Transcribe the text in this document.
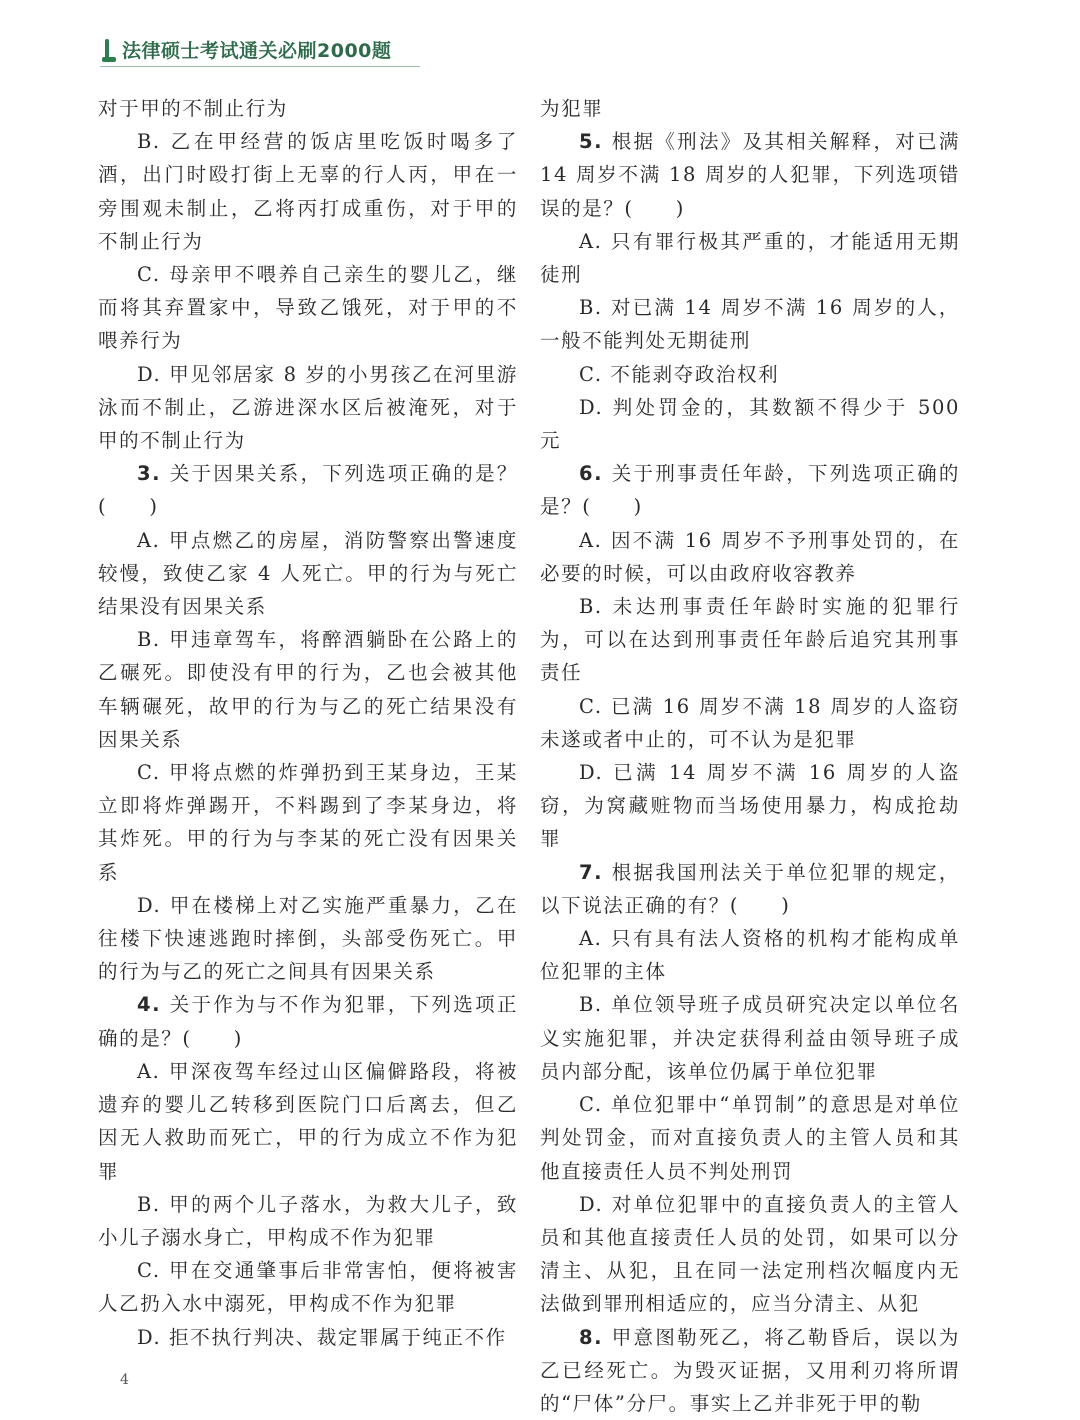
法律硕士考试通关必刷2000题

对于甲的不制止行为

B. 乙在甲经营的饭店里吃饭时喝多了酒，出门时殴打街上无辜的行人丙，甲在一旁围观未制止，乙将丙打成重伤，对于甲的不制止行为

C. 母亲甲不喂养自己亲生的婴儿乙，继而将其弃置家中，导致乙饿死，对于甲的不喂养行为

D. 甲见邻居家 8 岁的小男孩乙在河里游泳而不制止，乙游进深水区后被淹死，对于甲的不制止行为

3. 关于因果关系，下列选项正确的是？(　　)

A. 甲点燃乙的房屋，消防警察出警速度较慢，致使乙家 4 人死亡。甲的行为与死亡结果没有因果关系

B. 甲违章驾车，将醉酒躺卧在公路上的乙碾死。即使没有甲的行为，乙也会被其他车辆碾死，故甲的行为与乙的死亡结果没有因果关系

C. 甲将点燃的炸弹扔到王某身边，王某立即将炸弹踢开，不料踢到了李某身边，将其炸死。甲的行为与李某的死亡没有因果关系

D. 甲在楼梯上对乙实施严重暴力，乙在往楼下快速逃跑时摔倒，头部受伤死亡。甲的行为与乙的死亡之间具有因果关系

4. 关于作为与不作为犯罪，下列选项正确的是？(　　)

A. 甲深夜驾车经过山区偏僻路段，将被遗弃的婴儿乙转移到医院门口后离去，但乙因无人救助而死亡，甲的行为成立不作为犯罪

B. 甲的两个儿子落水，为救大儿子，致小儿子溺水身亡，甲构成不作为犯罪

C. 甲在交通肇事后非常害怕，便将被害人乙扔入水中溺死，甲构成不作为犯罪

D. 拒不执行判决、裁定罪属于纯正不作

为犯罪

5. 根据《刑法》及其相关解释，对已满 14 周岁不满 18 周岁的人犯罪，下列选项错误的是？(　　)

A. 只有罪行极其严重的，才能适用无期徒刑

B. 对已满 14 周岁不满 16 周岁的人，一般不能判处无期徒刑

C. 不能剥夺政治权利

D. 判处罚金的，其数额不得少于 500 元

6. 关于刑事责任年龄，下列选项正确的是？(　　)

A. 因不满 16 周岁不予刑事处罚的，在必要的时候，可以由政府收容教养

B. 未达刑事责任年龄时实施的犯罪行为，可以在达到刑事责任年龄后追究其刑事责任

C. 已满 16 周岁不满 18 周岁的人盗窃未遂或者中止的，可不认为是犯罪

D. 已满 14 周岁不满 16 周岁的人盗窃，为窝藏赃物而当场使用暴力，构成抢劫罪

7. 根据我国刑法关于单位犯罪的规定，以下说法正确的有？(　　)

A. 只有具有法人资格的机构才能构成单位犯罪的主体

B. 单位领导班子成员研究决定以单位名义实施犯罪，并决定获得利益由领导班子成员内部分配，该单位仍属于单位犯罪

C. 单位犯罪中“单罚制”的意思是对单位判处罚金，而对直接负责人的主管人员和其他直接责任人员不判处刑罚

D. 对单位犯罪中的直接负责人的主管人员和其他直接责任人员的处罚，如果可以分清主、从犯，且在同一法定刑档次幅度内无法做到罪刑相适应的，应当分清主、从犯

8. 甲意图勒死乙，将乙勒昏后，误以为乙已经死亡。为毁灭证据，又用利刃将所谓的“尸体”分尸。事实上乙并非死于甲的勒

4
